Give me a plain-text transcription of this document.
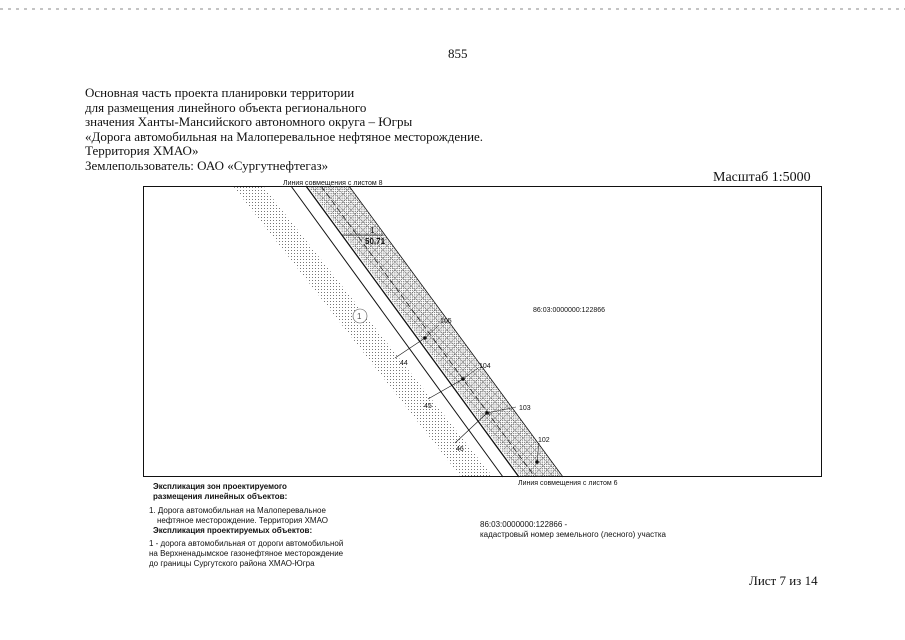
855
Основная часть проекта планировки территории
для размещения линейного объекта регионального
значения Ханты-Мансийского автономного округа – Югры
«Дорога автомобильная на Малоперевальное нефтяное месторождение.
Территория ХМАО»
Землепользователь: ОАО «Сургутнефтегаз»
Масштаб 1:5000
Линия совмещения с листом 8
Линия совмещения с листом 6
1
50,71
1
86:03:0000000:122866
105
44	104
45	103
46
102
Экспликация зон проектируемого
размещения линейных объектов:
1. Дорога автомобильная на Малоперевальное
нефтяное месторождение. Территория ХМАО
Экспликация проектируемых объектов:
1 - дорога автомобильная от дороги автомобильной
на Верхненадымское газонефтяное месторождение
до границы Сургутского района ХМАО-Югра
86:03:0000000:122866 -
кадастровый номер земельного (лесного) участка
Лист 7 из 14
